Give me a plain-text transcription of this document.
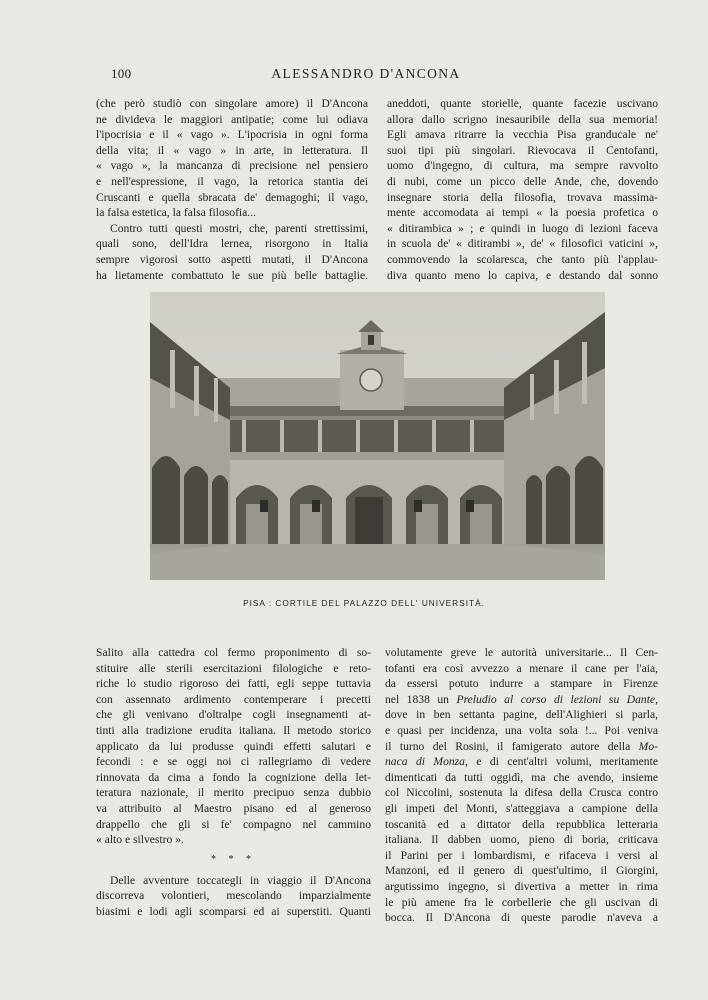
100	ALESSANDRO D'ANCONA
(che però studiò con singolare amore) il D'Ancona
ne divideva le maggiori antipatie; come lui odiava
l'ipocrisia e il « vago ». L'ipocrisia in ogni forma
della vita; il « vago » in arte, in letteratura. Il
« vago », la mancanza di precisione nel pensiero
e nell'espressione, il vago, la retorica stantia dei
Cruscanti e quella sbracata de' demagoghi; il vago,
la falsa estetica, la falsa filosofia...
Contro tutti questi mostri, che, parenti strettissimi,
quali sono, dell'Idra lernea, risorgono in Italia
sempre vigorosi sotto aspetti mutati, il D'Ancona
ha lietamente combattuto le sue più belle battaglie.
aneddoti, quante storielle, quante facezie uscivano
allora dallo scrigno inesauribile della sua memoria!
Egli amava ritrarre la vecchia Pisa granducale ne'
suoi tipi più singolari. Rievocava il Centofanti,
uomo d'ingegno, di cultura, ma sempre ravvolto
di nubi, come un picco delle Ande, che, dovendo
insegnare storia della filosofia, trovava massima-
mente accomodata ai tempi « la poesia profetica o
« ditirambica » ; e quindi in luogo di lezioni faceva
in scuola de' « ditirambi », de' « filosofici vaticini »,
commovendo la scolaresca, che tanto più l'applau-
diva quanto meno lo capiva, e destando dal sonno
PISA : CORTILE DEL PALAZZO DELL' UNIVERSITÀ.
Salito alla cattedra col fermo proponimento di so-
stituire alle sterili esercitazioni filologiche e reto-
riche lo studio rigoroso dei fatti, egli seppe tuttavia
con assennato ardimento contemperare i precetti
che gli venivano d'oltralpe cogli insegnamenti at-
tinti alla tradizione erudita italiana. Il metodo storico
applicato da lui produsse quindi effetti salutari e
fecondi : e se oggi noi ci rallegriamo di vedere
rinnovata da cima a fondo la cognizione della let-
teratura nazionale, il merito precipuo senza dubbio
va attribuito al Maestro pisano ed al generoso
drappello che gli si fe' compagno nel cammino
« alto e silvestro ».
* * *
Delle avventure toccategli in viaggio il D'Ancona
discorreva volontieri, mescolando imparzialmente
biasimi e lodi agli scomparsi ed ai superstiti. Quanti
volutamente greve le autorità universitarie... Il Cen-
tofanti era così avvezzo a menare il cane per l'aia,
da essersi potuto indurre a stampare in Firenze
nel 1838 un Preludio al corso di lezioni su Dante,
dove in ben settanta pagine, dell'Alighieri si parla,
e quasi per incidenza, una volta sola !... Poi veniva
il turno del Rosini, il famigerato autore della Mo-
naca di Monza, e di cent'altri volumi, meritamente
dimenticati da tutti oggidì, ma che avendo, insieme
col Niccolini, sostenuta la difesa della Crusca contro
gli impeti del Monti, s'atteggiava a campione della
toscanità ed a dittator della repubblica letteraria
italiana. Il dabben uomo, pieno di boria, criticava
il Parini per i lombardismi, e rifaceva i versi al
Manzoni, ed il genero di quest'ultimo, il Giorgini,
argutissimo ingegno, si divertiva a metter in rima
le più amene fra le corbellerie che gli uscivan di
bocca. Il D'Ancona di queste parodie n'aveva a
